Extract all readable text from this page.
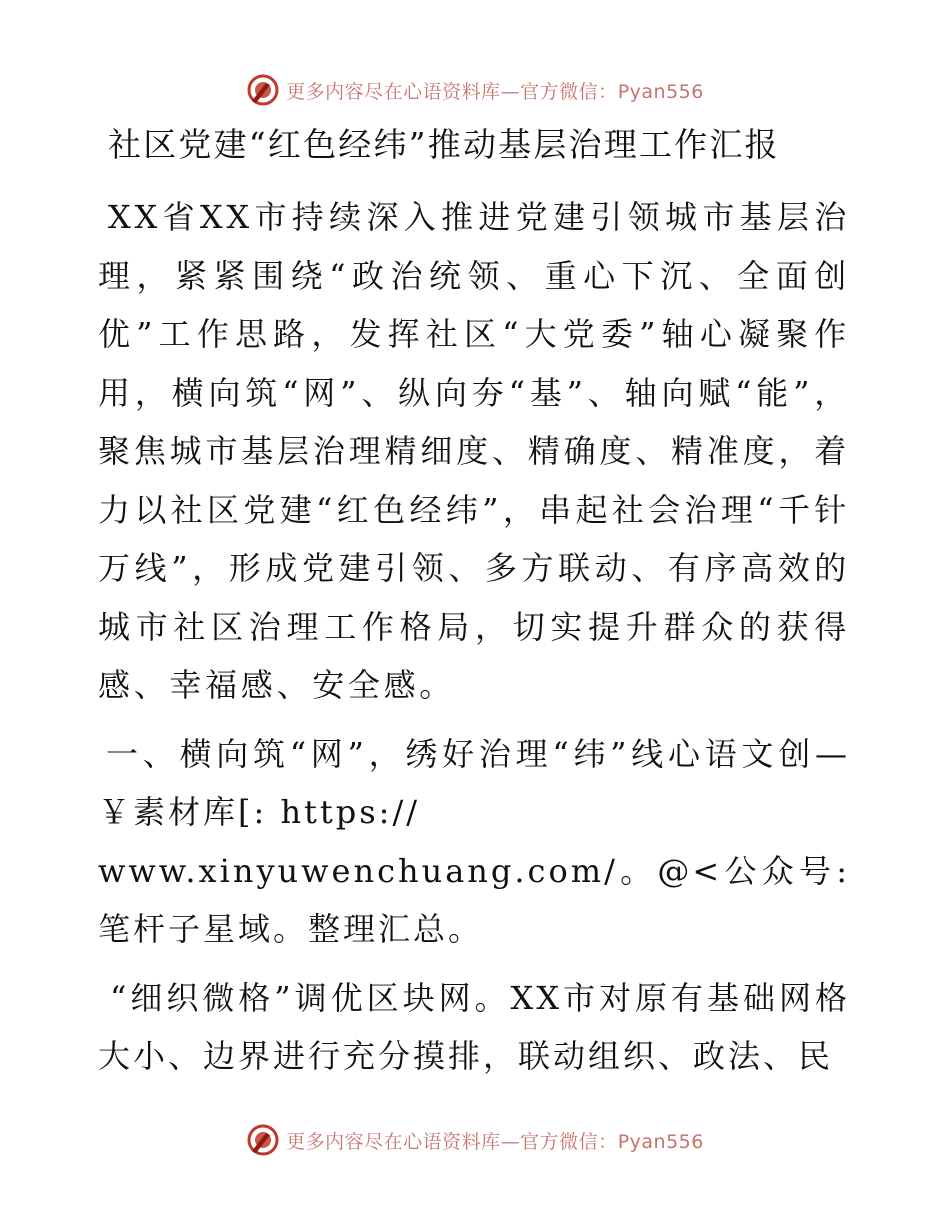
更多内容尽在心语资料库—官方微信：Pyan556
社区党建“红色经纬”推动基层治理工作汇报

XX省XX市持续深入推进党建引领城市基层治理，紧紧围绕“政治统领、重心下沉、全面创优”工作思路，发挥社区“大党委”轴心凝聚作用，横向筑“网”、纵向夯“基”、轴向赋“能”，聚焦城市基层治理精细度、精确度、精准度，着力以社区党建“红色经纬”，串起社会治理“千针万线”，形成党建引领、多方联动、有序高效的城市社区治理工作格局，切实提升群众的获得感、幸福感、安全感。

一、横向筑“网”，绣好治理“纬”线心语文创—￥素材库[: https://
www.xinyuwenchuang.com/。@<公众号: 笔杆子星域。整理汇总。

“细织微格”调优区块网。XX市对原有基础网格大小、边界进行充分摸排，联动组织、政法、民

更多内容尽在心语资料库—官方微信：Pyan556
